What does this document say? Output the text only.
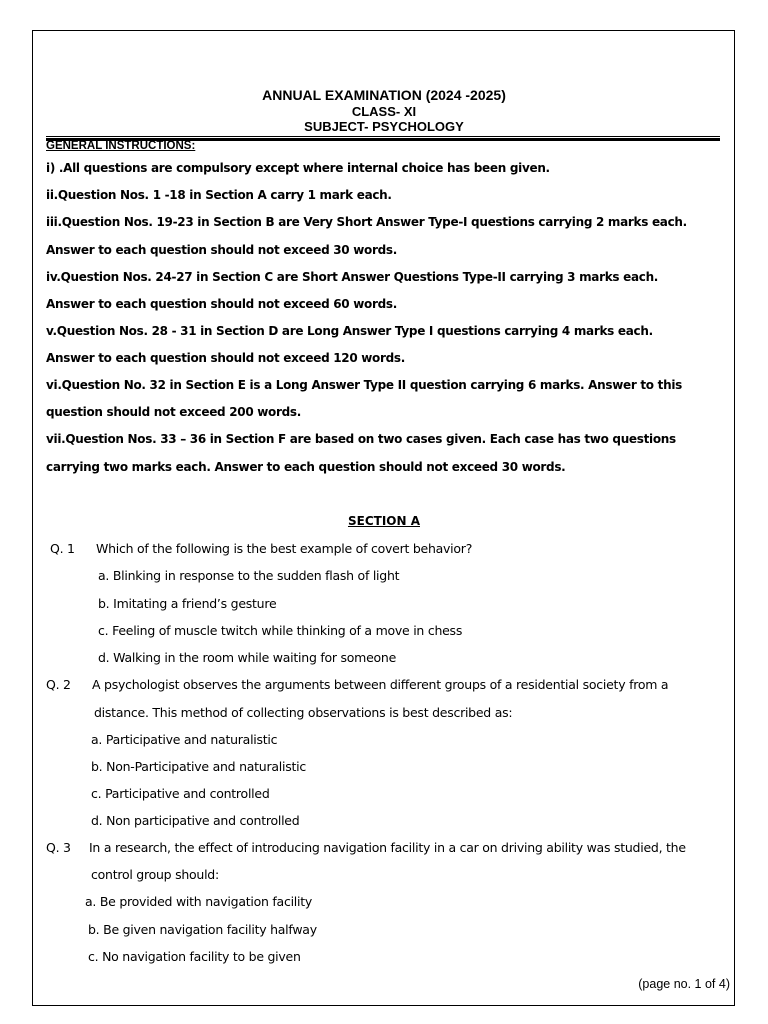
ANNUAL EXAMINATION (2024 -2025)
CLASS- XI
SUBJECT- PSYCHOLOGY
GENERAL INSTRUCTIONS:
i) .All questions are compulsory except where internal choice has been given.
ii.Question Nos. 1 -18 in Section A carry 1 mark each.
iii.Question Nos. 19-23 in Section B are Very Short Answer Type-I questions carrying 2 marks each.
Answer to each question should not exceed 30 words.
iv.Question Nos. 24-27 in Section C are Short Answer Questions Type-II carrying 3 marks each.
Answer to each question should not exceed 60 words.
v.Question Nos. 28 - 31 in Section D are Long Answer Type I questions carrying 4 marks each.
Answer to each question should not exceed 120 words.
vi.Question No. 32 in Section E is a Long Answer Type II question carrying 6 marks. Answer to this
question should not exceed 200 words.
vii.Question Nos. 33 – 36 in Section F are based on two cases given. Each case has two questions
carrying two marks each. Answer to each question should not exceed 30 words.
SECTION A
Q. 1 Which of the following is the best example of covert behavior?
a. Blinking in response to the sudden flash of light
b. Imitating a friend’s gesture
c. Feeling of muscle twitch while thinking of a move in chess
d. Walking in the room while waiting for someone
Q. 2 A psychologist observes the arguments between different groups of a residential society from a
distance. This method of collecting observations is best described as:
a. Participative and naturalistic
b. Non-Participative and naturalistic
c. Participative and controlled
d. Non participative and controlled
Q. 3 In a research, the effect of introducing navigation facility in a car on driving ability was studied, the
control group should:
a. Be provided with navigation facility
b. Be given navigation facility halfway
c. No navigation facility to be given
(page no. 1 of 4)
